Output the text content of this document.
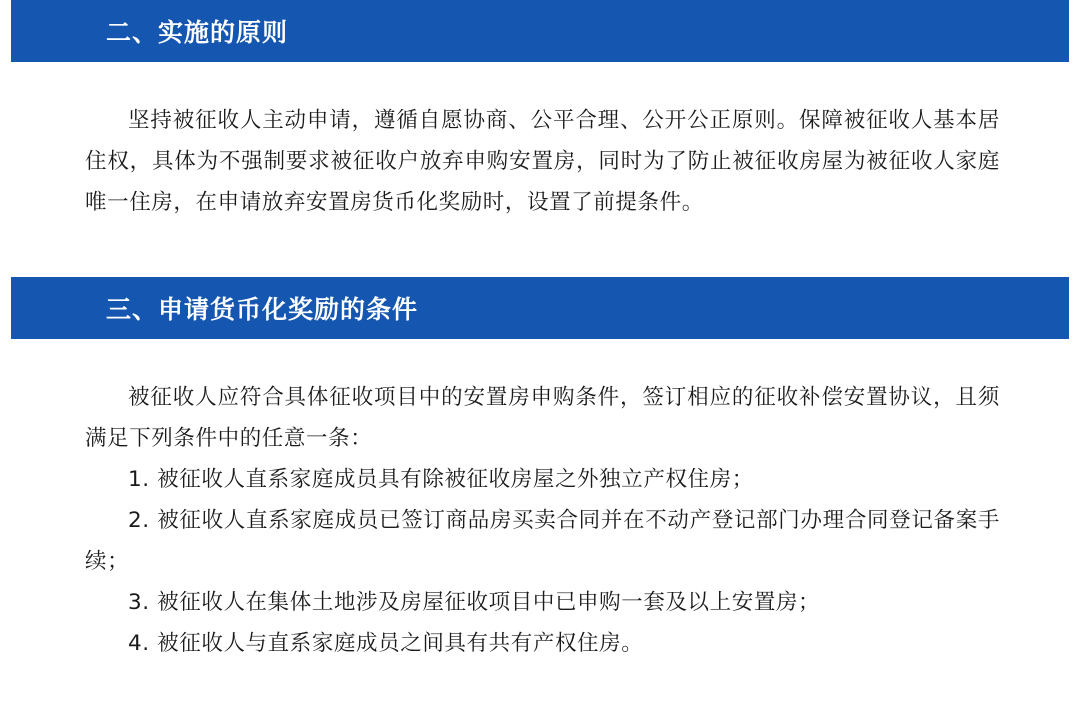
二、实施的原则

坚持被征收人主动申请，遵循自愿协商、公平合理、公开公正原则。保障被征收人基本居住权，具体为不强制要求被征收户放弃申购安置房，同时为了防止被征收房屋为被征收人家庭唯一住房，在申请放弃安置房货币化奖励时，设置了前提条件。

三、申请货币化奖励的条件

被征收人应符合具体征收项目中的安置房申购条件，签订相应的征收补偿安置协议，且须满足下列条件中的任意一条：

1. 被征收人直系家庭成员具有除被征收房屋之外独立产权住房；

2. 被征收人直系家庭成员已签订商品房买卖合同并在不动产登记部门办理合同登记备案手续；

3. 被征收人在集体土地涉及房屋征收项目中已申购一套及以上安置房；

4. 被征收人与直系家庭成员之间具有共有产权住房。
